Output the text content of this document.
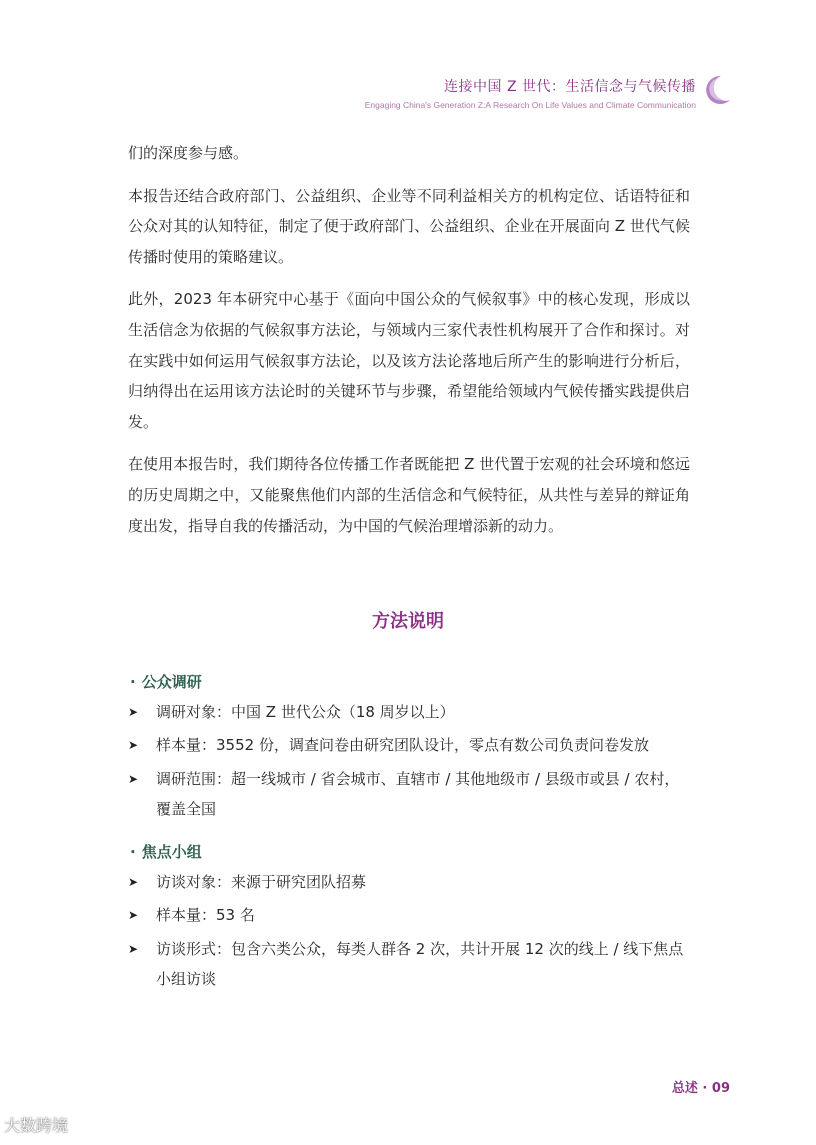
连接中国 Z 世代：生活信念与气候传播
Engaging China's Generation Z:A Research On Life Values and Climate Communication

们的深度参与感。

本报告还结合政府部门、公益组织、企业等不同利益相关方的机构定位、话语特征和公众对其的认知特征，制定了便于政府部门、公益组织、企业在开展面向 Z 世代气候传播时使用的策略建议。

此外，2023 年本研究中心基于《面向中国公众的气候叙事》中的核心发现，形成以生活信念为依据的气候叙事方法论，与领域内三家代表性机构展开了合作和探讨。对在实践中如何运用气候叙事方法论，以及该方法论落地后所产生的影响进行分析后，归纳得出在运用该方法论时的关键环节与步骤，希望能给领域内气候传播实践提供启发。

在使用本报告时，我们期待各位传播工作者既能把 Z 世代置于宏观的社会环境和悠远的历史周期之中，又能聚焦他们内部的生活信念和气候特征，从共性与差异的辩证角度出发，指导自我的传播活动，为中国的气候治理增添新的动力。

方法说明
· 公众调研
➤	调研对象：中国 Z 世代公众（18 周岁以上）
➤	样本量：3552 份，调查问卷由研究团队设计，零点有数公司负责问卷发放
➤	调研范围：超一线城市 / 省会城市、直辖市 / 其他地级市 / 县级市或县 / 农村，覆盖全国
· 焦点小组
➤	访谈对象：来源于研究团队招募
➤	样本量：53 名
➤	访谈形式：包含六类公众，每类人群各 2 次，共计开展 12 次的线上 / 线下焦点小组访谈
总述 · 09
大数跨境
